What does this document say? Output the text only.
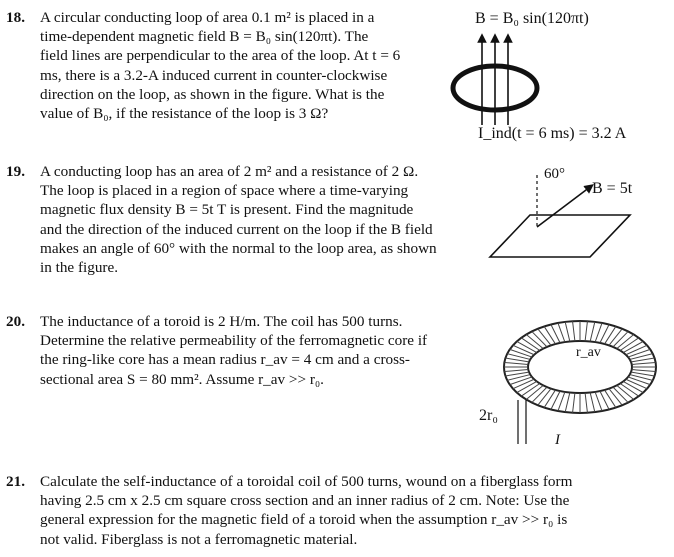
18. A circular conducting loop of area 0.1 m² is placed in a
time-dependent magnetic field B = B₀ sin(120πt). The
field lines are perpendicular to the area of the loop. At t = 6
ms, there is a 3.2-A induced current in counter-clockwise
direction on the loop, as shown in the figure. What is the
value of B₀, if the resistance of the loop is 3 Ω?
B = B₀ sin(120πt)
I_ind(t = 6 ms) = 3.2 A
19. A conducting loop has an area of 2 m² and a resistance of 2 Ω.
The loop is placed in a region of space where a time-varying
magnetic flux density B = 5t T is present. Find the magnitude
and the direction of the induced current on the loop if the B field
makes an angle of 60° with the normal to the loop area, as shown
in the figure.
60°
B = 5t
20. The inductance of a toroid is 2 H/m. The coil has 500 turns.
Determine the relative permeability of the ferromagnetic core if
the ring-like core has a mean radius r_av = 4 cm and a cross-
sectional area S = 80 mm². Assume r_av >> r₀.
r_av
2r₀
I
21. Calculate the self-inductance of a toroidal coil of 500 turns, wound on a fiberglass form
having 2.5 cm x 2.5 cm square cross section and an inner radius of 2 cm. Note: Use the
general expression for the magnetic field of a toroid when the assumption r_av >> r₀ is
not valid. Fiberglass is not a ferromagnetic material.
